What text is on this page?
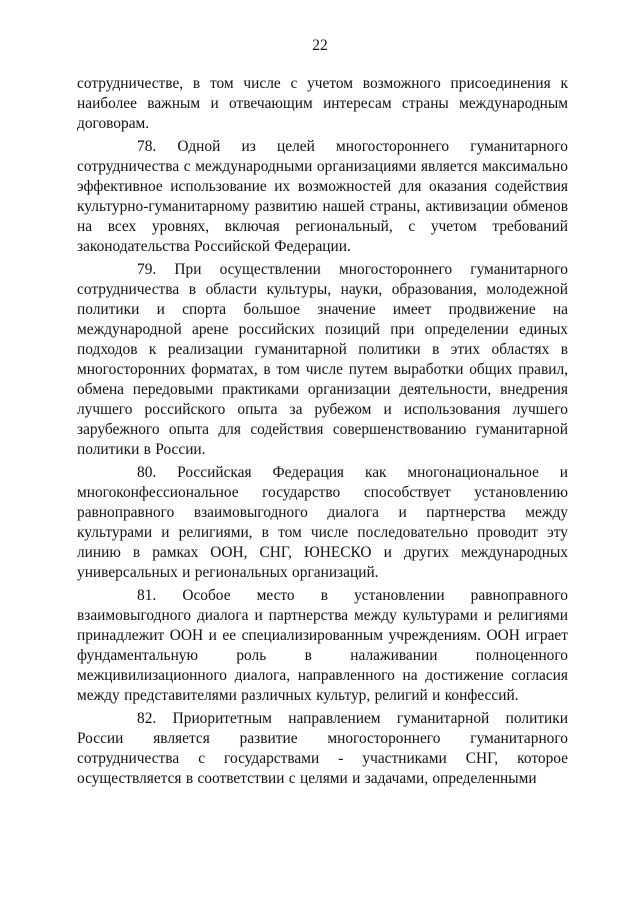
22

сотрудничестве, в том числе с учетом возможного присоединения к наиболее важным и отвечающим интересам страны международным договорам.

78. Одной из целей многостороннего гуманитарного сотрудничества с международными организациями является максимально эффективное использование их возможностей для оказания содействия культурно-гуманитарному развитию нашей страны, активизации обменов на всех уровнях, включая региональный, с учетом требований законодательства Российской Федерации.

79. При осуществлении многостороннего гуманитарного сотрудничества в области культуры, науки, образования, молодежной политики и спорта большое значение имеет продвижение на международной арене российских позиций при определении единых подходов к реализации гуманитарной политики в этих областях в многосторонних форматах, в том числе путем выработки общих правил, обмена передовыми практиками организации деятельности, внедрения лучшего российского опыта за рубежом и использования лучшего зарубежного опыта для содействия совершенствованию гуманитарной политики в России.

80. Российская Федерация как многонациональное и многоконфессиональное государство способствует установлению равноправного взаимовыгодного диалога и партнерства между культурами и религиями, в том числе последовательно проводит эту линию в рамках ООН, СНГ, ЮНЕСКО и других международных универсальных и региональных организаций.

81. Особое место в установлении равноправного взаимовыгодного диалога и партнерства между культурами и религиями принадлежит ООН и ее специализированным учреждениям. ООН играет фундаментальную роль в налаживании полноценного межцивилизационного диалога, направленного на достижение согласия между представителями различных культур, религий и конфессий.

82. Приоритетным направлением гуманитарной политики России является развитие многостороннего гуманитарного сотрудничества с государствами - участниками СНГ, которое осуществляется в соответствии с целями и задачами, определенными
